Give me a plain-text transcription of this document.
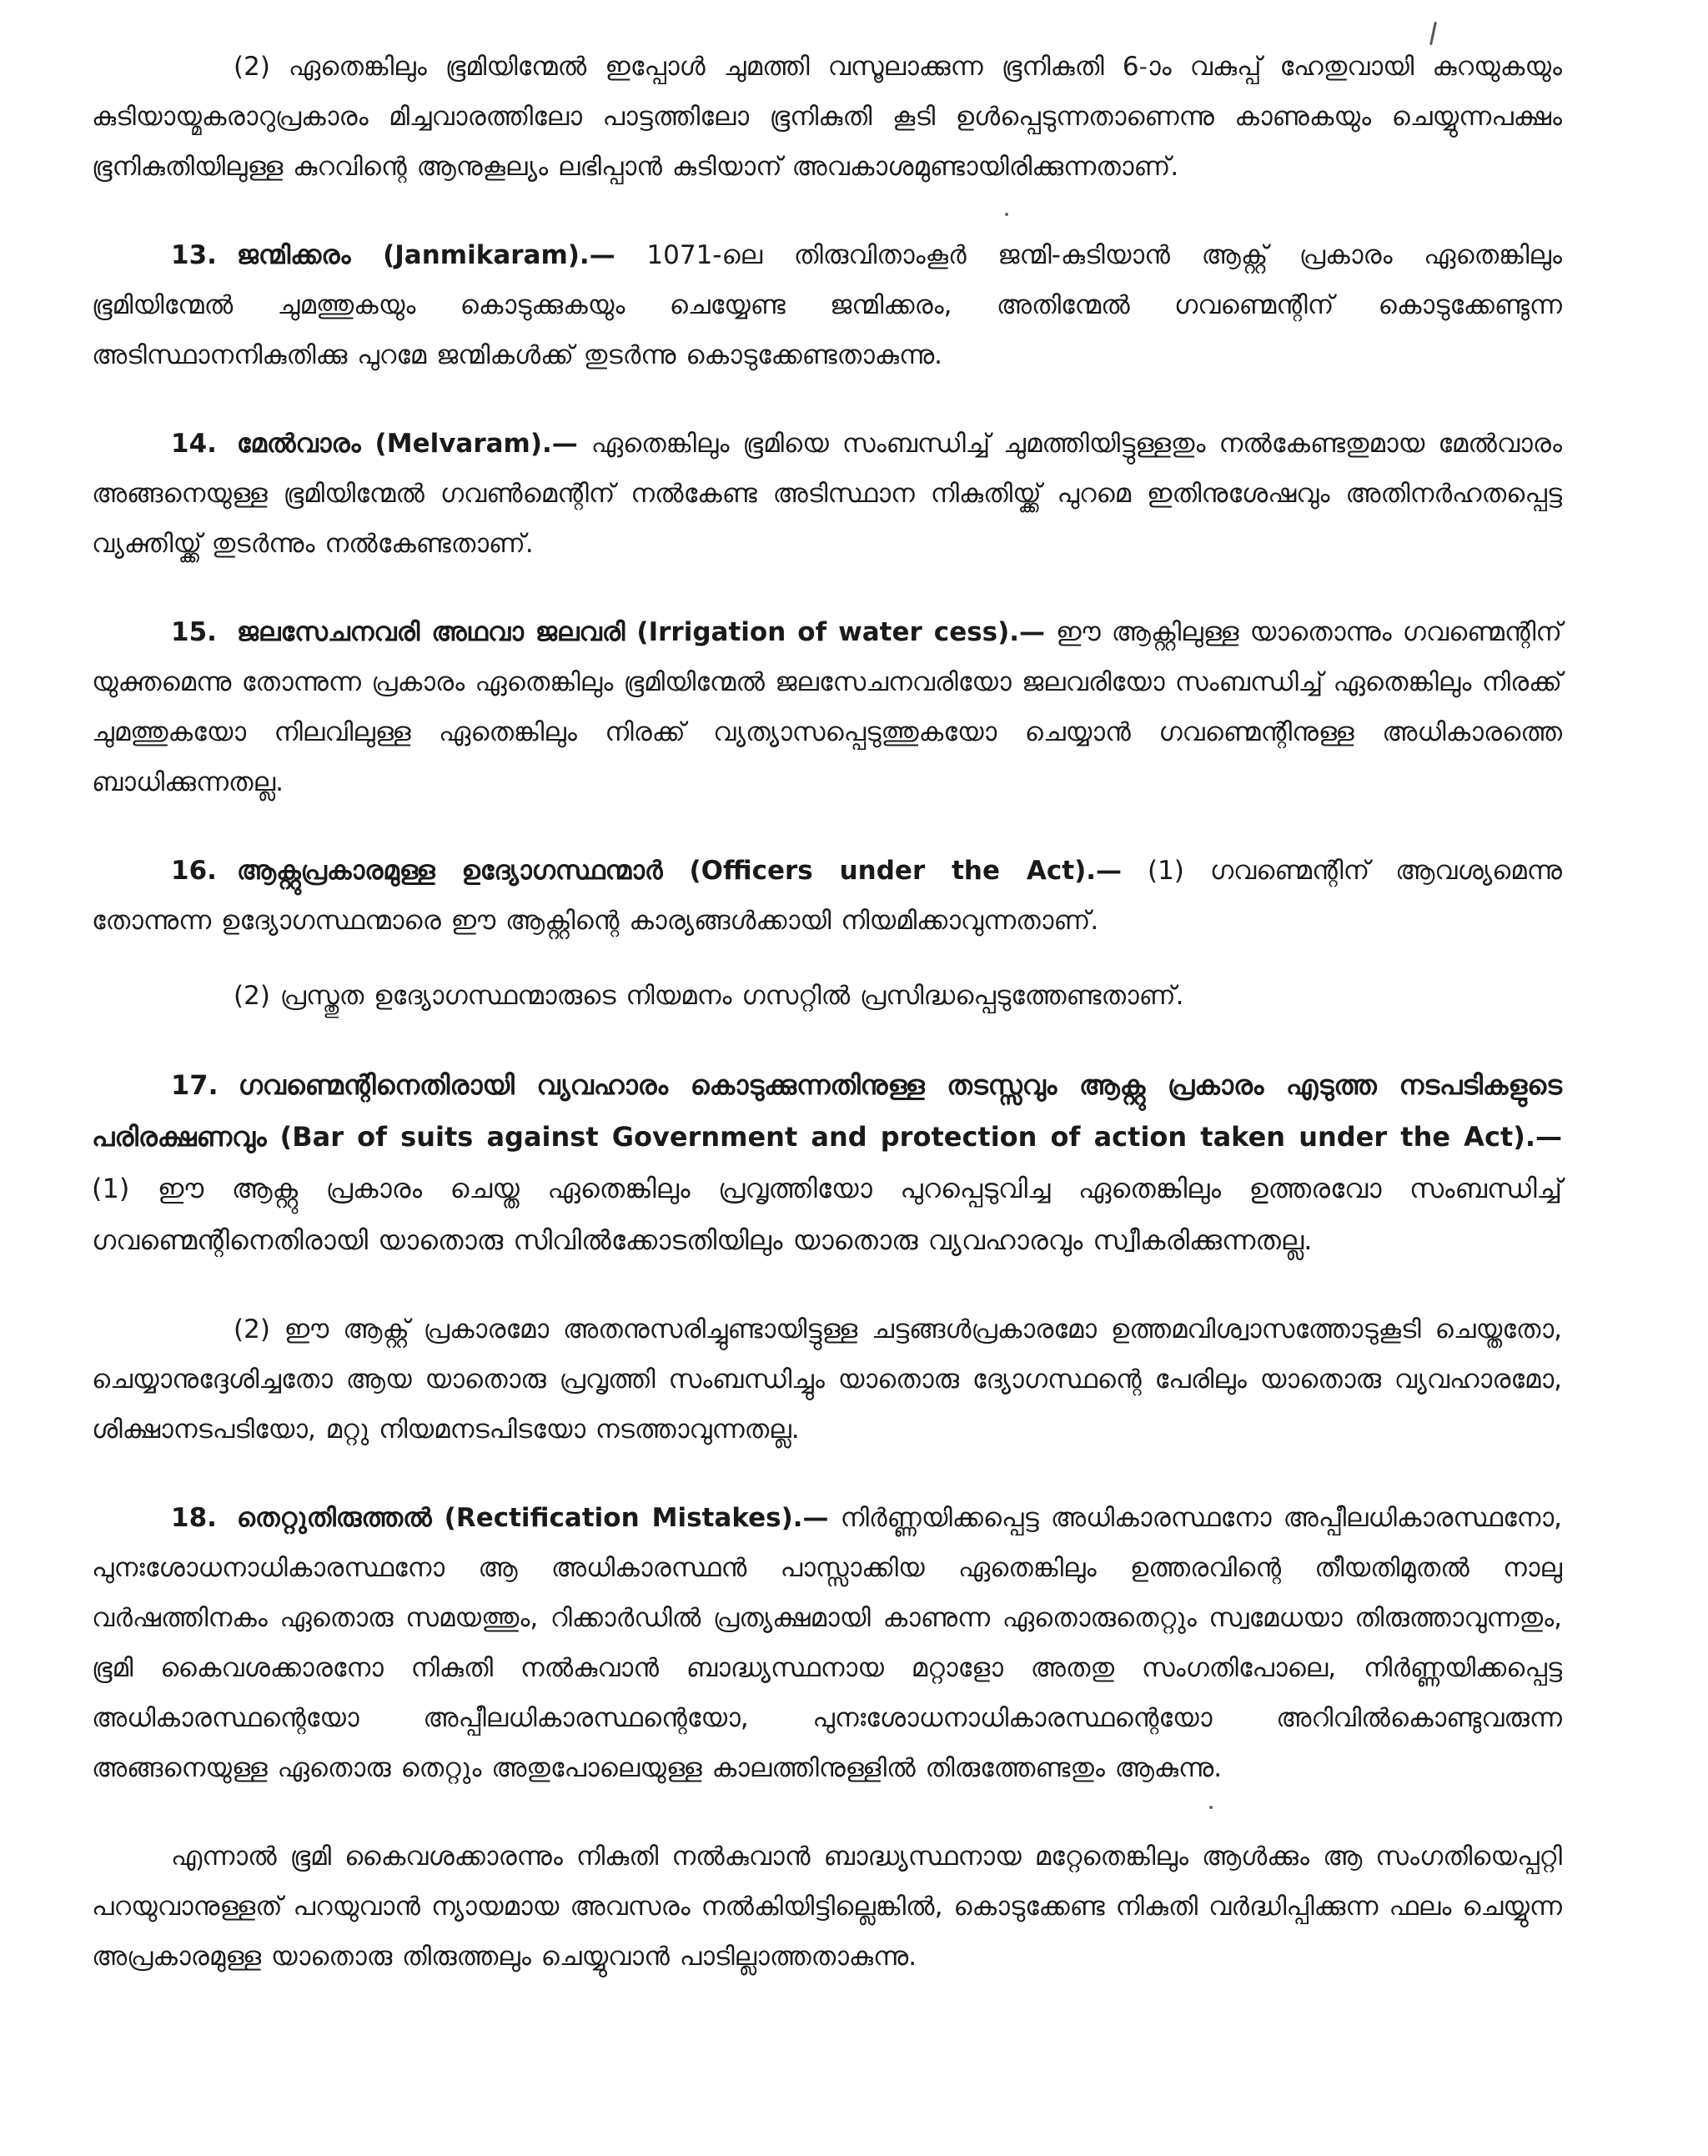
(2) ഏതെങ്കിലും ഭൂമിയിന്മേൽ ഇപ്പോൾ ചുമത്തി വസൂലാക്കുന്ന ഭൂനികുതി 6-ാം വകുപ്പ് ഹേതുവായി കുറയുകയും കുടിയായ്മകരാറുപ്രകാരം മിച്ചവാരത്തിലോ പാട്ടത്തിലോ ഭൂനികുതി കൂടി ഉൾപ്പെടുന്നതാണെന്നു കാണുകയും ചെയ്യുന്നപക്ഷം ഭൂനികുതിയിലുള്ള കുറവിന്റെ ആനുകൂല്യം ലഭിപ്പാൻ കുടിയാന് അവകാശമുണ്ടായിരിക്കുന്നതാണ്.

13. ജന്മിക്കരം (Janmikaram).— 1071-ലെ തിരുവിതാംകൂർ ജന്മി-കുടിയാൻ ആക്റ്റ് പ്രകാരം ഏതെങ്കിലും ഭൂമിയിന്മേൽ ചുമത്തുകയും കൊടുക്കുകയും ചെയ്യേണ്ട ജന്മിക്കരം, അതിന്മേൽ ഗവണ്മെന്റിന് കൊടുക്കേണ്ടുന്ന അടിസ്ഥാനനികുതിക്കു പുറമേ ജന്മികൾക്ക് തുടർന്നു കൊടുക്കേണ്ടതാകുന്നു.

14. മേൽവാരം (Melvaram).— ഏതെങ്കിലും ഭൂമിയെ സംബന്ധിച്ച് ചുമത്തിയിട്ടുള്ളതും നൽകേണ്ടതുമായ മേൽവാരം അങ്ങനെയുള്ള ഭൂമിയിന്മേൽ ഗവൺമെന്റിന് നൽകേണ്ട അടിസ്ഥാന നികുതിയ്ക്ക് പുറമെ ഇതിനുശേഷവും അതിനർഹതപ്പെട്ട വ്യക്തിയ്ക്ക് തുടർന്നും നൽകേണ്ടതാണ്.

15. ജലസേചനവരി അഥവാ ജലവരി (Irrigation of water cess).— ഈ ആക്റ്റിലുള്ള യാതൊന്നും ഗവണ്മെന്റിന് യുക്തമെന്നു തോന്നുന്ന പ്രകാരം ഏതെങ്കിലും ഭൂമിയിന്മേൽ ജലസേചനവരിയോ ജലവരിയോ സംബന്ധിച്ച് ഏതെങ്കിലും നിരക്ക് ചുമത്തുകയോ നിലവിലുള്ള ഏതെങ്കിലും നിരക്ക് വ്യത്യാസപ്പെടുത്തുകയോ ചെയ്യാൻ ഗവണ്മെന്റിനുള്ള അധികാരത്തെ ബാധിക്കുന്നതല്ല.

16. ആക്റ്റുപ്രകാരമുള്ള ഉദ്യോഗസ്ഥന്മാർ (Officers under the Act).— (1) ഗവണ്മെന്റിന് ആവശ്യമെന്നു തോന്നുന്ന ഉദ്യോഗസ്ഥന്മാരെ ഈ ആക്റ്റിന്റെ കാര്യങ്ങൾക്കായി നിയമിക്കാവുന്നതാണ്.

(2) പ്രസ്തുത ഉദ്യോഗസ്ഥന്മാരുടെ നിയമനം ഗസറ്റിൽ പ്രസിദ്ധപ്പെടുത്തേണ്ടതാണ്.

17. ഗവണ്മെന്റിനെതിരായി വ്യവഹാരം കൊടുക്കുന്നതിനുള്ള തടസ്സവും ആക്റ്റു പ്രകാരം എടുത്ത നടപടികളുടെ പരിരക്ഷണവും (Bar of suits against Government and protection of action taken under the Act).— (1) ഈ ആക്റ്റു പ്രകാരം ചെയ്ത ഏതെങ്കിലും പ്രവൃത്തിയോ പുറപ്പെടുവിച്ച ഏതെങ്കിലും ഉത്തരവോ സംബന്ധിച്ച് ഗവണ്മെന്റിനെതിരായി യാതൊരു സിവിൽക്കോടതിയിലും യാതൊരു വ്യവഹാരവും സ്വീകരിക്കുന്നതല്ല.

(2) ഈ ആക്റ്റ് പ്രകാരമോ അതനുസരിച്ചുണ്ടായിട്ടുള്ള ചട്ടങ്ങൾപ്രകാരമോ ഉത്തമവിശ്വാസത്തോടുകൂടി ചെയ്തതോ, ചെയ്യാനുദ്ദേശിച്ചതോ ആയ യാതൊരു പ്രവൃത്തി സംബന്ധിച്ചും യാതൊരു ദ്യോഗസ്ഥന്റെ പേരിലും യാതൊരു വ്യവഹാരമോ, ശിക്ഷാനടപടിയോ, മറ്റു നിയമനടപിടയോ നടത്താവുന്നതല്ല.

18. തെറ്റുതിരുത്തൽ (Rectification Mistakes).— നിർണ്ണയിക്കപ്പെട്ട അധികാരസ്ഥനോ അപ്പീലധികാരസ്ഥനോ, പുനഃശോധനാധികാരസ്ഥനോ ആ അധികാരസ്ഥൻ പാസ്സാക്കിയ ഏതെങ്കിലും ഉത്തരവിന്റെ തീയതിമുതൽ നാലു വർഷത്തിനകം ഏതൊരു സമയത്തും, റിക്കാർഡിൽ പ്രത്യക്ഷമായി കാണുന്ന ഏതൊരുതെറ്റും സ്വമേധയാ തിരുത്താവുന്നതും, ഭൂമി കൈവശക്കാരനോ നികുതി നൽകുവാൻ ബാദ്ധ്യസ്ഥനായ മറ്റാളോ അതതു സംഗതിപോലെ, നിർണ്ണയിക്കപ്പെട്ട അധികാരസ്ഥന്റെയോ അപ്പീലധികാരസ്ഥന്റെയോ, പുനഃശോധനാധികാരസ്ഥന്റെയോ അറിവിൽകൊണ്ടുവരുന്ന അങ്ങനെയുള്ള ഏതൊരു തെറ്റും അതുപോലെയുള്ള കാലത്തിനുള്ളിൽ തിരുത്തേണ്ടതും ആകുന്നു.

എന്നാൽ ഭൂമി കൈവശക്കാരന്നും നികുതി നൽകുവാൻ ബാദ്ധ്യസ്ഥനായ മറ്റേതെങ്കിലും ആൾക്കും ആ സംഗതിയെപ്പറ്റി പറയുവാനുള്ളത് പറയുവാൻ ന്യായമായ അവസരം നൽകിയിട്ടില്ലെങ്കിൽ, കൊടുക്കേണ്ട നികുതി വർദ്ധിപ്പിക്കുന്ന ഫലം ചെയ്യുന്ന അപ്രകാരമുള്ള യാതൊരു തിരുത്തലും ചെയ്യുവാൻ പാടില്ലാത്തതാകുന്നു.
